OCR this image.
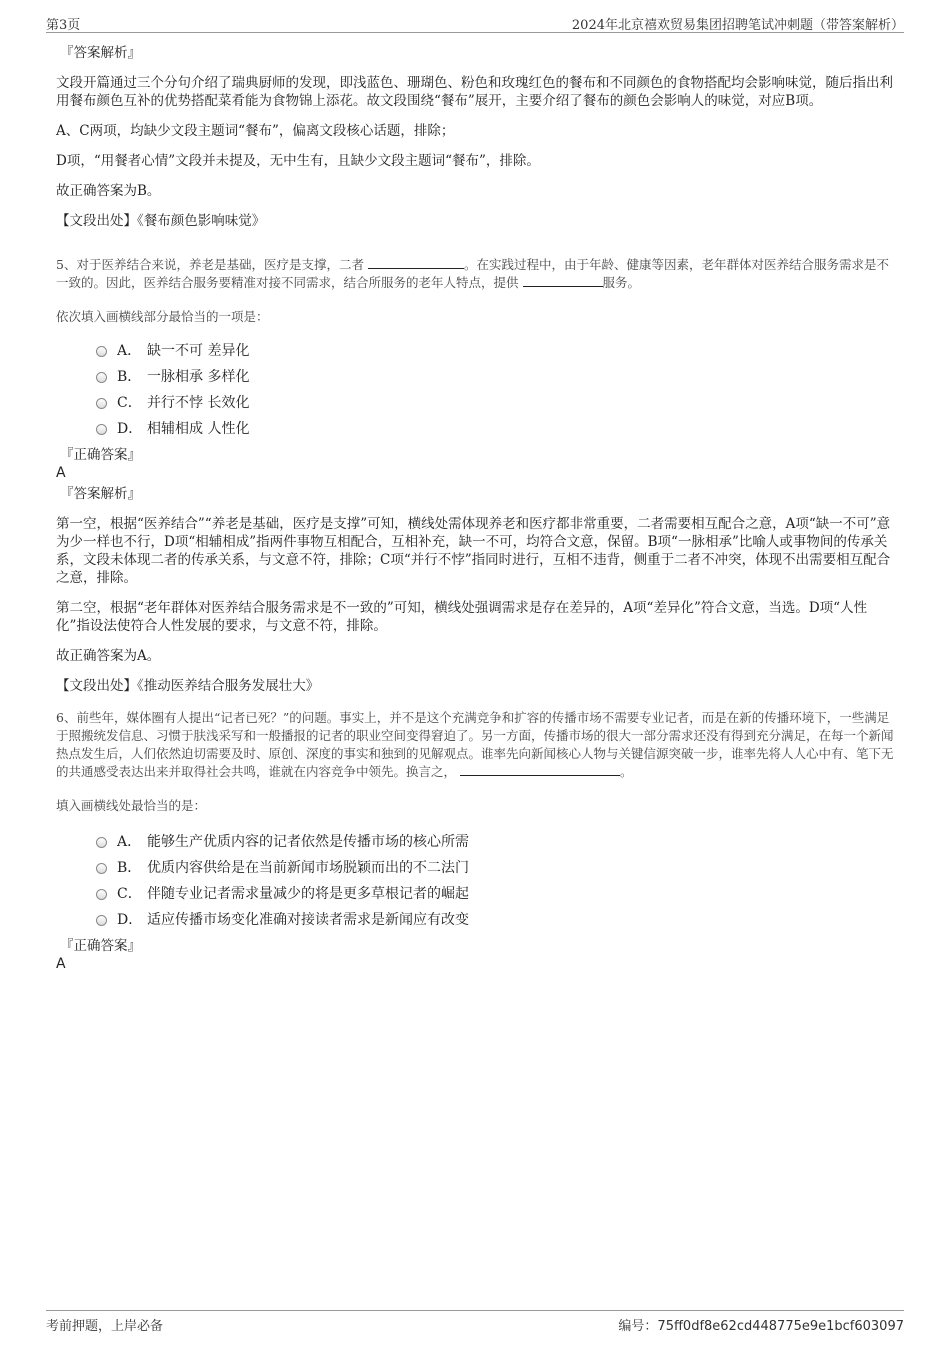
第3页	2024年北京禧欢贸易集团招聘笔试冲刺题（带答案解析）

『答案解析』

文段开篇通过三个分句介绍了瑞典厨师的发现，即浅蓝色、珊瑚色、粉色和玫瑰红色的餐布和不同颜色的食物搭配均会影响味觉，随后指出利用餐布颜色互补的优势搭配菜肴能为食物锦上添花。故文段围绕“餐布”展开，主要介绍了餐布的颜色会影响人的味觉，对应B项。

A、C两项，均缺少文段主题词“餐布”，偏离文段核心话题，排除；

D项，“用餐者心情”文段并未提及，无中生有，且缺少文段主题词“餐布”，排除。

故正确答案为B。

【文段出处】《餐布颜色影响味觉》

5、对于医养结合来说，养老是基础，医疗是支撑，二者	。在实践过程中，由于年龄、健康等因素，老年群体对医养结合服务需求是不一致的。因此，医养结合服务要精准对接不同需求，结合所服务的老年人特点，提供	服务。

依次填入画横线部分最恰当的一项是：

A． 缺一不可 差异化
B． 一脉相承 多样化
C． 并行不悖 长效化
D． 相辅相成 人性化

『正确答案』

A

『答案解析』

第一空，根据“医养结合”“养老是基础，医疗是支撑”可知，横线处需体现养老和医疗都非常重要，二者需要相互配合之意，A项“缺一不可”意为少一样也不行，D项“相辅相成”指两件事物互相配合，互相补充，缺一不可，均符合文意，保留。B项“一脉相承”比喻人或事物间的传承关系，文段未体现二者的传承关系，与文意不符，排除；C项“并行不悖”指同时进行，互相不违背，侧重于二者不冲突，体现不出需要相互配合之意，排除。

第二空，根据“老年群体对医养结合服务需求是不一致的”可知，横线处强调需求是存在差异的，A项“差异化”符合文意，当选。D项“人性化”指设法使符合人性发展的要求，与文意不符，排除。

故正确答案为A。

【文段出处】《推动医养结合服务发展壮大》

6、前些年，媒体圈有人提出“记者已死？”的问题。事实上，并不是这个充满竞争和扩容的传播市场不需要专业记者，而是在新的传播环境下，一些满足于照搬统发信息、习惯于肤浅采写和一般播报的记者的职业空间变得窘迫了。另一方面，传播市场的很大一部分需求还没有得到充分满足，在每一个新闻热点发生后，人们依然迫切需要及时、原创、深度的事实和独到的见解观点。谁率先向新闻核心人物与关键信源突破一步，谁率先将人人心中有、笔下无的共通感受表达出来并取得社会共鸣，谁就在内容竞争中领先。换言之，	。

填入画横线处最恰当的是：

A． 能够生产优质内容的记者依然是传播市场的核心所需
B． 优质内容供给是在当前新闻市场脱颖而出的不二法门
C． 伴随专业记者需求量减少的将是更多草根记者的崛起
D． 适应传播市场变化准确对接读者需求是新闻应有改变

『正确答案』

A

考前押题，上岸必备	编号：75ff0df8e62cd448775e9e1bcf603097
